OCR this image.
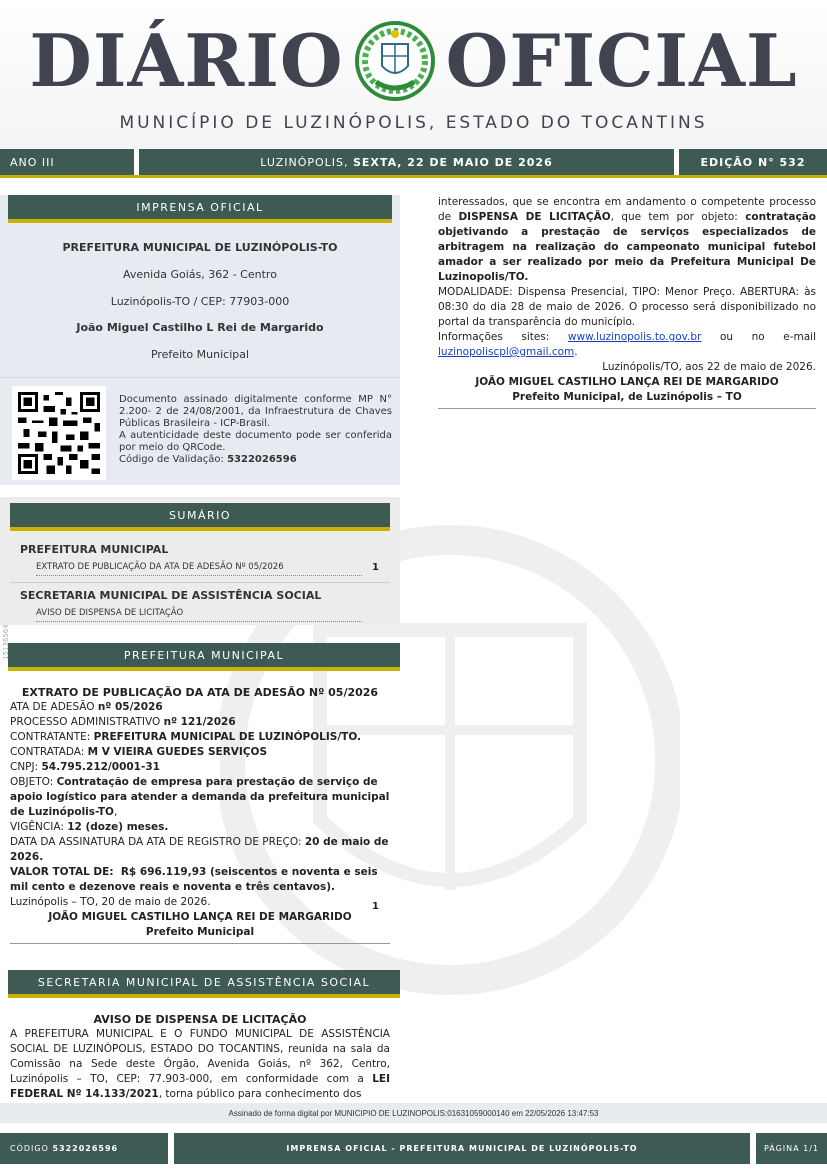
DIÁRIO OFICIAL
MUNICÍPIO DE LUZINÓPOLIS, ESTADO DO TOCANTINS
ANO III	LUZINÓPOLIS,
SEXTA, 22 DE MAIO DE 2026	EDIÇÃO N° 532
IMPRENSA OFICIAL
PREFEITURA MUNICIPAL DE LUZINÓPOLIS-TO
Avenida Goiás, 362 - Centro
Luzinópolis-TO / CEP: 77903-000
João Miguel Castilho L Rei de Margarido
Prefeito Municipal
Documento assinado digitalmente conforme MP N° 2.200- 2 de 24/08/2001, da Infraestrutura de Chaves Públicas Brasileira - ICP-Brasil.
A autenticidade deste documento pode ser conferida por meio do QRCode.
Código de Validação: 5322026596
SUMÁRIO
PREFEITURA MUNICIPAL
EXTRATO DE PUBLICAÇÃO DA ATA DE ADESÃO Nº 05/2026	1
SECRETARIA MUNICIPAL DE ASSISTÊNCIA SOCIAL
AVISO DE DISPENSA DE LICITAÇÃO
1
PREFEITURA MUNICIPAL
EXTRATO DE PUBLICAÇÃO DA ATA DE ADESÃO Nº 05/2026
ATA DE ADESÃO nº 05/2026
PROCESSO ADMINISTRATIVO nº 121/2026
CONTRATANTE: PREFEITURA MUNICIPAL DE LUZINÓPOLIS/TO.
CONTRATADA: M V VIEIRA GUEDES SERVIÇOS
CNPJ: 54.795.212/0001-31
OBJETO: Contratação de empresa para prestação de serviço de apoio logístico para atender a demanda da prefeitura municipal de Luzinópolis-TO,
VIGÊNCIA: 12 (doze) meses.
DATA DA ASSINATURA DA ATA DE REGISTRO DE PREÇO: 20 de maio de 2026.
VALOR TOTAL DE: R$ 696.119,93 (seiscentos e noventa e seis mil cento e dezenove reais e noventa e três centavos).
Luzinópolis – TO, 20 de maio de 2026.
JOÃO MIGUEL CASTILHO LANÇA REI DE MARGARIDO
Prefeito Municipal
SECRETARIA MUNICIPAL DE ASSISTÊNCIA SOCIAL
AVISO DE DISPENSA DE LICITAÇÃO
A PREFEITURA MUNICIPAL E O FUNDO MUNICIPAL DE ASSISTÊNCIA SOCIAL DE LUZINÓPOLIS, ESTADO DO TOCANTINS, reunida na sala da Comissão na Sede deste Órgão, Avenida Goiás, nº 362, Centro, Luzinópolis – TO, CEP: 77.903-000, em conformidade com a LEI FEDERAL Nº 14.133/2021, torna público para conhecimento dos
interessados, que se encontra em andamento o competente processo de DISPENSA DE LICITAÇÃO, que tem por objeto: contratação objetivando a prestação de serviços especializados de arbitragem na realização do campeonato municipal futebol amador a ser realizado por meio da Prefeitura Municipal De Luzinopolis/TO.
MODALIDADE: Dispensa Presencial, TIPO: Menor Preço. ABERTURA: às 08:30 do dia 28 de maio de 2026. O processo será disponibilizado no portal da transparência do município.
Informações sites: www.luzinopolis.to.gov.br ou no e-mail luzinopoliscpl@gmail.com.
Luzinópolis/TO, aos 22 de maio de 2026.
JOÃO MIGUEL CASTILHO LANÇA REI DE MARGARIDO
Prefeito Municipal, de Luzinópolis – TO
Assinado de forma digital por MUNICIPIO DE LUZINOPOLIS:01631059000140 em 22/05/2026 13:47:53
CÓDIGO
5322026596	IMPRENSA OFICIAL - PREFEITURA MUNICIPAL DE LUZINÓPOLIS-TO	PÁGINA 1/1
